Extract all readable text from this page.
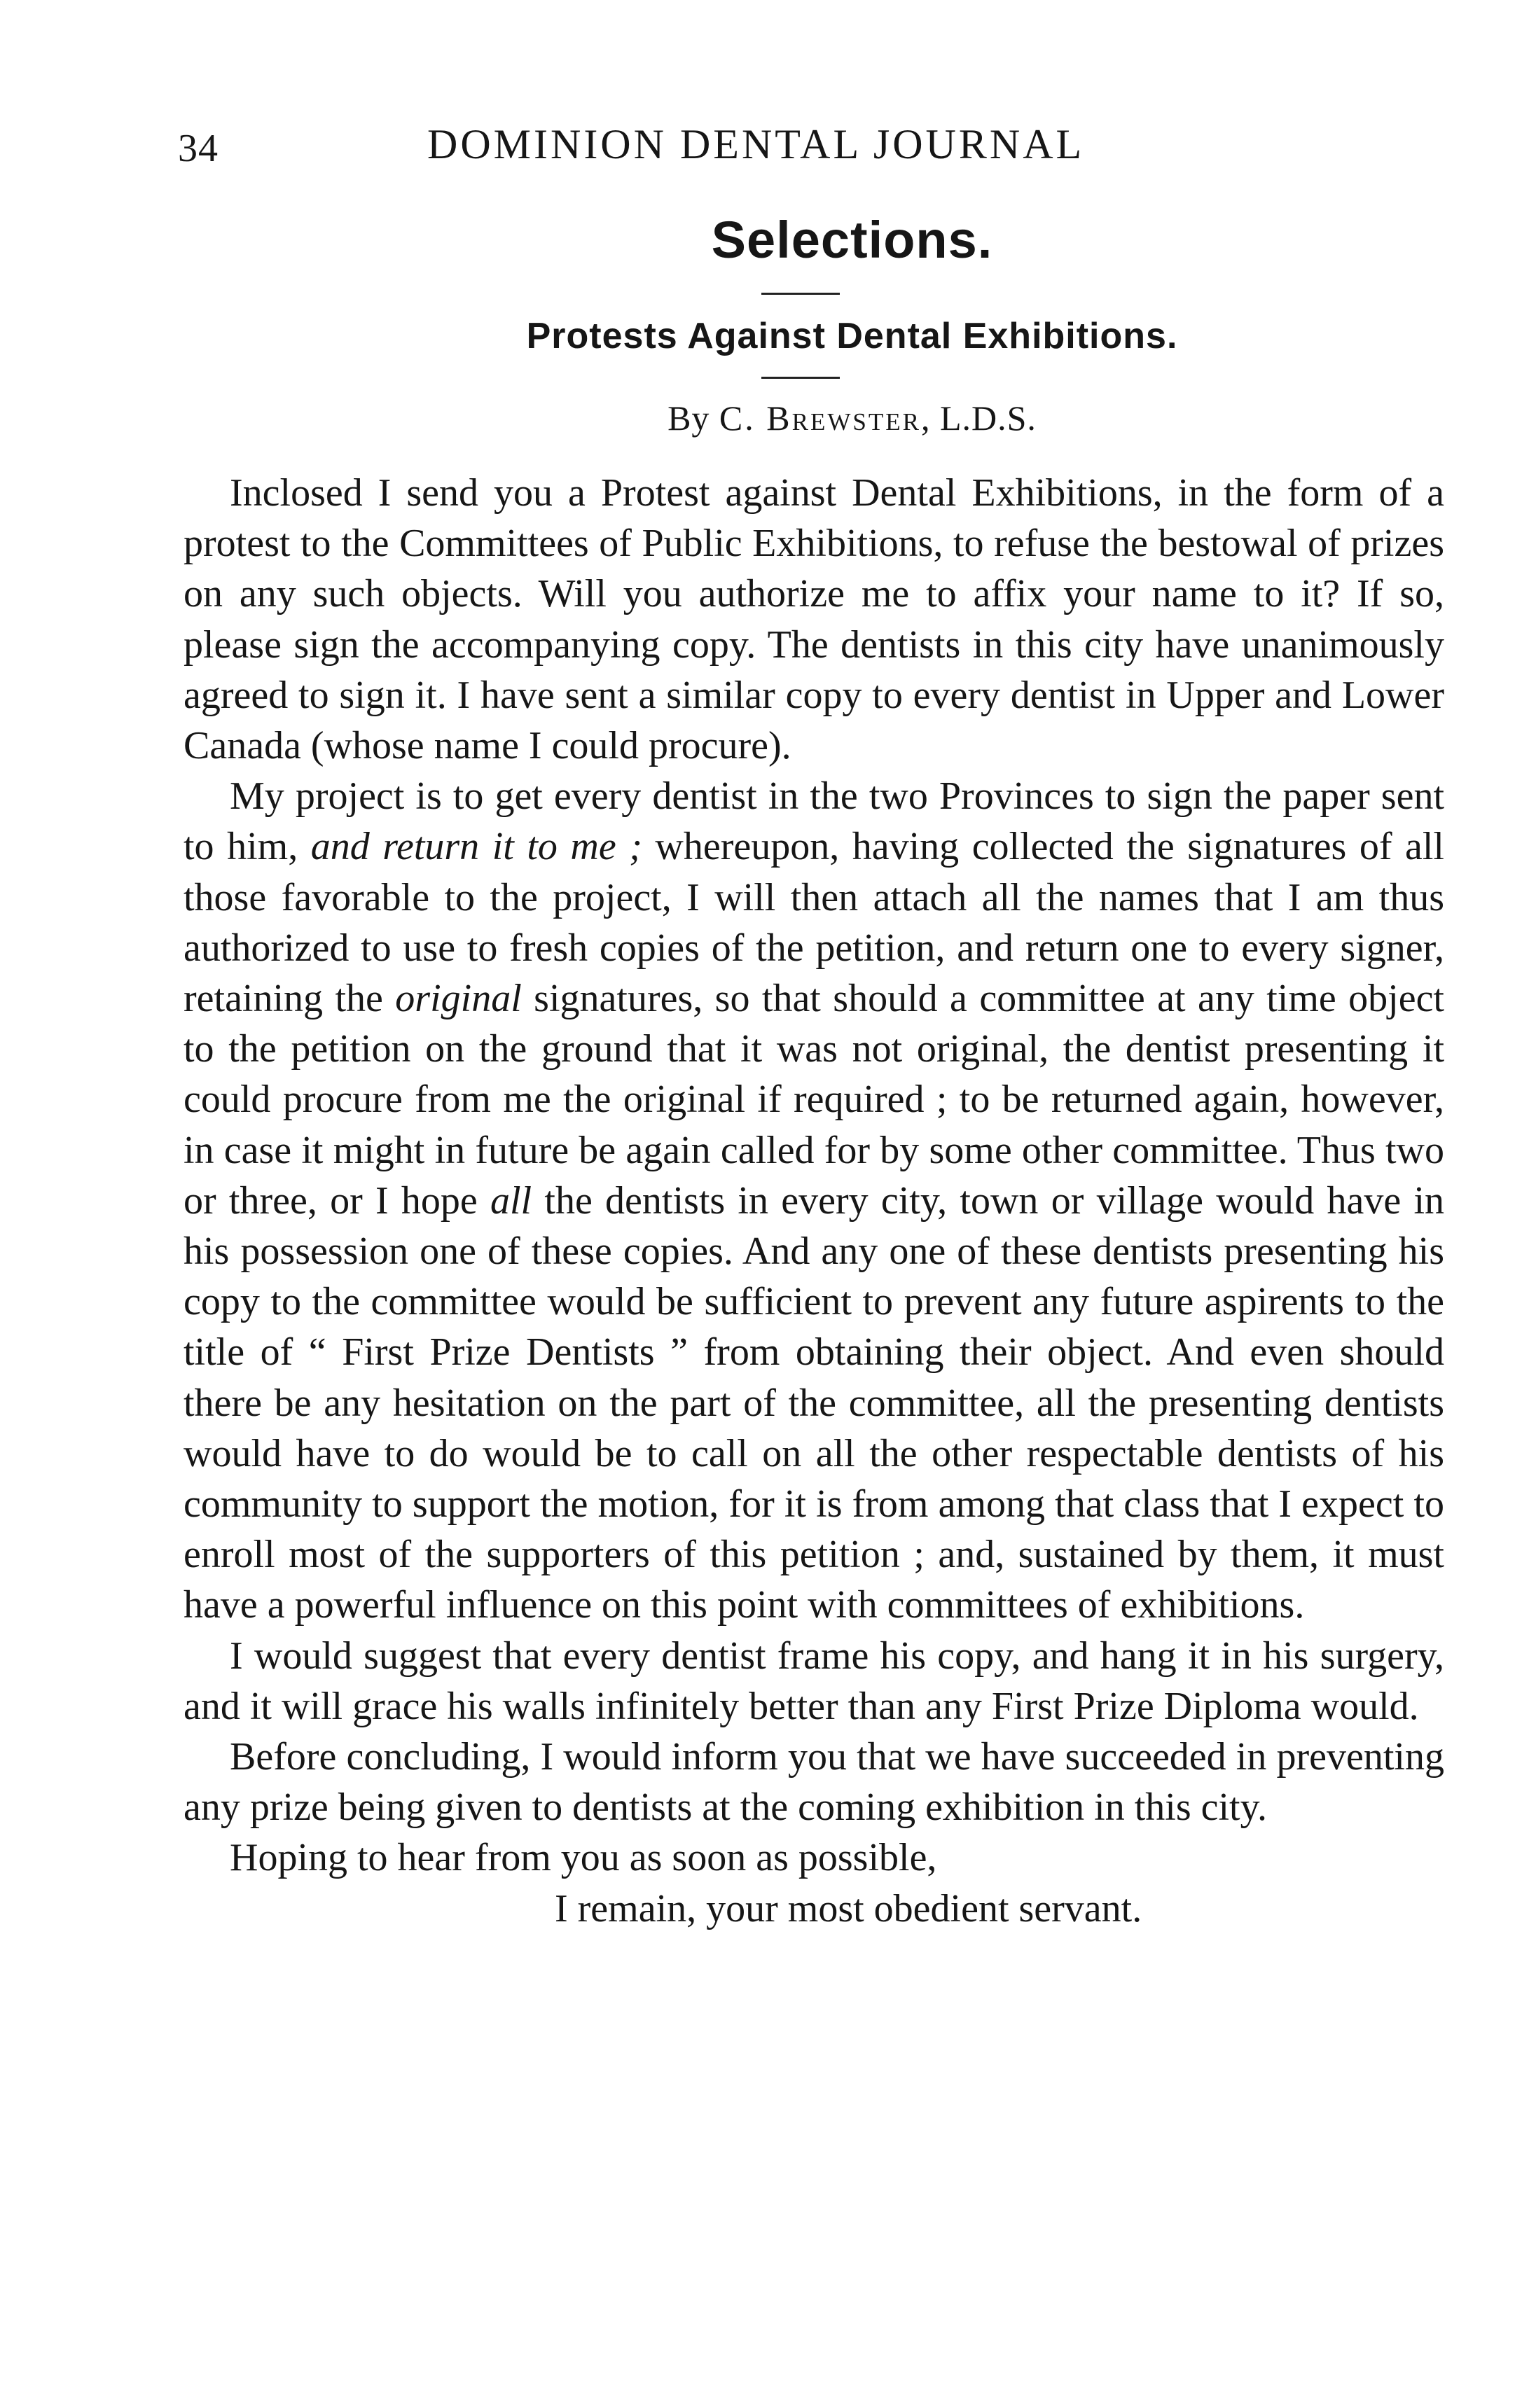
34	DOMINION DENTAL JOURNAL
Selections.
Protests Against Dental Exhibitions.
By C. Brewster, L.D.S.

Inclosed I send you a Protest against Dental Exhibitions, in the form of a protest to the Committees of Public Exhibitions, to refuse the bestowal of prizes on any such objects. Will you authorize me to affix your name to it? If so, please sign the accompanying copy. The dentists in this city have unanimously agreed to sign it. I have sent a similar copy to every dentist in Upper and Lower Canada (whose name I could procure).

My project is to get every dentist in the two Provinces to sign the paper sent to him, and return it to me ; whereupon, having collected the signatures of all those favorable to the project, I will then attach all the names that I am thus authorized to use to fresh copies of the petition, and return one to every signer, retaining the original signatures, so that should a committee at any time object to the petition on the ground that it was not original, the dentist presenting it could procure from me the original if required ; to be returned again, however, in case it might in future be again called for by some other committee. Thus two or three, or I hope all the dentists in every city, town or village would have in his possession one of these copies. And any one of these dentists presenting his copy to the committee would be sufficient to prevent any future aspirents to the title of “ First Prize Dentists ” from obtaining their object. And even should there be any hesitation on the part of the committee, all the presenting dentists would have to do would be to call on all the other respectable dentists of his community to support the motion, for it is from among that class that I expect to enroll most of the supporters of this petition ; and, sustained by them, it must have a powerful influence on this point with committees of exhibitions.

I would suggest that every dentist frame his copy, and hang it in his surgery, and it will grace his walls infinitely better than any First Prize Diploma would.

Before concluding, I would inform you that we have succeeded in preventing any prize being given to dentists at the coming exhibition in this city.

Hoping to hear from you as soon as possible,

I remain, your most obedient servant.
